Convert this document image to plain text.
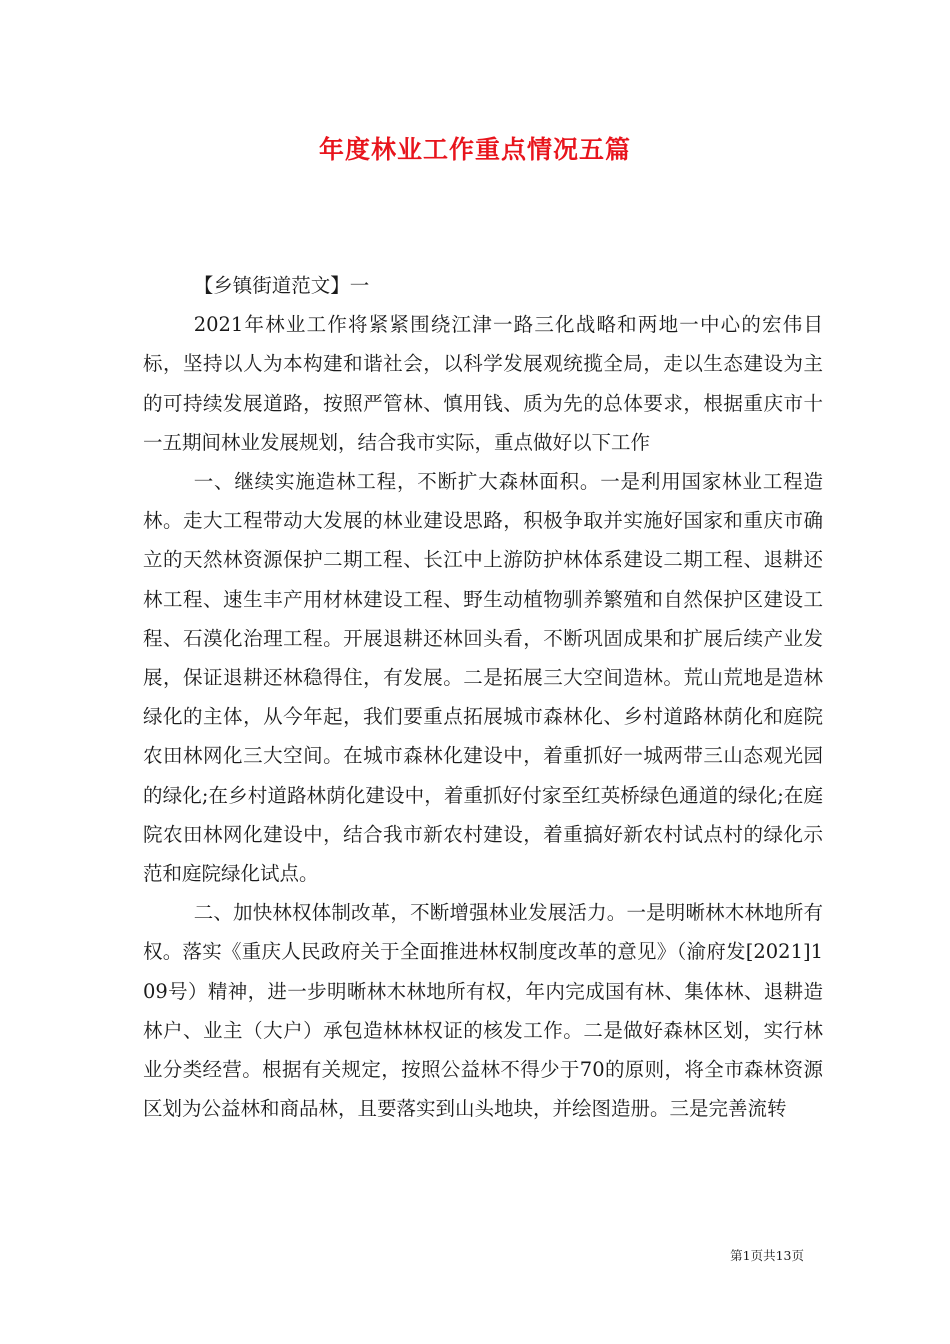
年度林业工作重点情况五篇

【乡镇街道范文】一

2021年林业工作将紧紧围绕江津一路三化战略和两地一中心的宏伟目标，坚持以人为本构建和谐社会，以科学发展观统揽全局，走以生态建设为主的可持续发展道路，按照严管林、慎用钱、质为先的总体要求，根据重庆市十一五期间林业发展规划，结合我市实际，重点做好以下工作

一、继续实施造林工程，不断扩大森林面积。一是利用国家林业工程造林。走大工程带动大发展的林业建设思路，积极争取并实施好国家和重庆市确立的天然林资源保护二期工程、长江中上游防护林体系建设二期工程、退耕还林工程、速生丰产用材林建设工程、野生动植物驯养繁殖和自然保护区建设工程、石漠化治理工程。开展退耕还林回头看，不断巩固成果和扩展后续产业发展，保证退耕还林稳得住，有发展。二是拓展三大空间造林。荒山荒地是造林绿化的主体，从今年起，我们要重点拓展城市森林化、乡村道路林荫化和庭院农田林网化三大空间。在城市森林化建设中，着重抓好一城两带三山态观光园的绿化;在乡村道路林荫化建设中，着重抓好付家至红英桥绿色通道的绿化;在庭院农田林网化建设中，结合我市新农村建设，着重搞好新农村试点村的绿化示范和庭院绿化试点。

二、加快林权体制改革，不断增强林业发展活力。一是明晰林木林地所有权。落实《重庆人民政府关于全面推进林权制度改革的意见》（渝府发[2021]109号）精神，进一步明晰林木林地所有权，年内完成国有林、集体林、退耕造林户、业主（大户）承包造林林权证的核发工作。二是做好森林区划，实行林业分类经营。根据有关规定，按照公益林不得少于70的原则，将全市森林资源区划为公益林和商品林，且要落实到山头地块，并绘图造册。三是完善流转

第1页共13页
